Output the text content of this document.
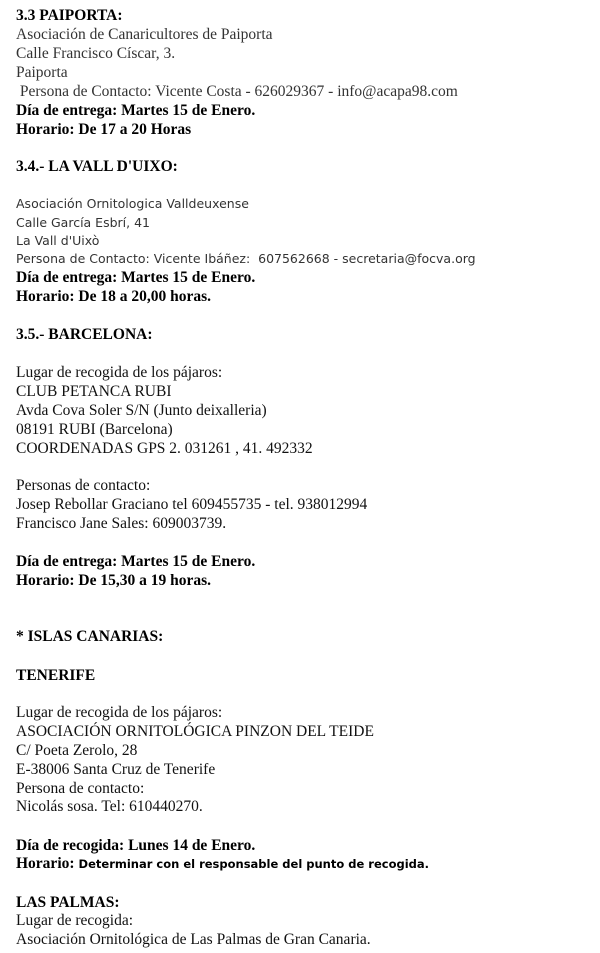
3.3 PAIPORTA:
Asociación de Canaricultores de Paiporta
Calle Francisco Císcar, 3.
Paiporta
Persona de Contacto: Vicente Costa - 626029367 - info@acapa98.com
Día de entrega: Martes 15 de Enero.
Horario: De 17 a 20 Horas
3.4.- LA VALL D'UIXO:
Asociación Ornitologica Valldeuxense
Calle García Esbrí, 41
La Vall d'Uixò
Persona de Contacto: Vicente Ibáñez:  607562668 - secretaria@focva.org
Día de entrega: Martes 15 de Enero.
Horario: De 18 a 20,00 horas.
3.5.- BARCELONA:
Lugar de recogida de los pájaros:
CLUB PETANCA RUBI
Avda Cova Soler S/N (Junto deixalleria)
08191 RUBI (Barcelona)
COORDENADAS GPS 2. 031261 , 41. 492332
Personas de contacto:
Josep Rebollar Graciano tel 609455735 - tel. 938012994
Francisco Jane Sales: 609003739.
Día de entrega: Martes 15 de Enero.
Horario: De 15,30 a 19 horas.
* ISLAS CANARIAS:
TENERIFE
Lugar de recogida de los pájaros:
ASOCIACIÓN ORNITOLÓGICA PINZON DEL TEIDE
C/ Poeta Zerolo, 28
E-38006 Santa Cruz de Tenerife
Persona de contacto:
Nicolás sosa. Tel: 610440270.
Día de recogida: Lunes 14 de Enero.
Horario: Determinar con el responsable del punto de recogida.
LAS PALMAS:
Lugar de recogida:
Asociación Ornitológica de Las Palmas de Gran Canaria.
